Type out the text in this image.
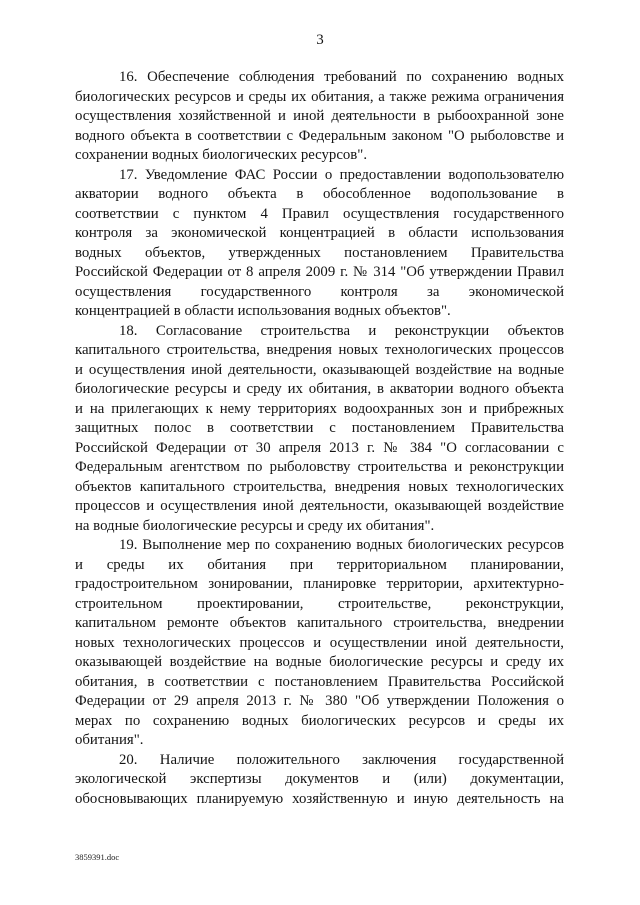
3
16. Обеспечение соблюдения требований по сохранению водных
биологических ресурсов и среды их обитания, а также режима ограничения
осуществления хозяйственной и иной деятельности в рыбоохранной зоне
водного объекта в соответствии с Федеральным законом "О рыболовстве и
сохранении водных биологических ресурсов".
17. Уведомление ФАС России о предоставлении водопользователю
акватории водного объекта в обособленное водопользование в
соответствии с пунктом 4 Правил осуществления государственного
контроля за экономической концентрацией в области использования
водных объектов, утвержденных постановлением Правительства
Российской Федерации от 8 апреля 2009 г. № 314 "Об утверждении Правил
осуществления государственного контроля за экономической
концентрацией в области использования водных объектов".
18. Согласование строительства и реконструкции объектов
капитального строительства, внедрения новых технологических процессов
и осуществления иной деятельности, оказывающей воздействие на водные
биологические ресурсы и среду их обитания, в акватории водного объекта
и на прилегающих к нему территориях водоохранных зон и прибрежных
защитных полос в соответствии с постановлением Правительства
Российской Федерации от 30 апреля 2013 г. № 384 "О согласовании с
Федеральным агентством по рыболовству строительства и реконструкции
объектов капитального строительства, внедрения новых технологических
процессов и осуществления иной деятельности, оказывающей воздействие
на водные биологические ресурсы и среду их обитания".
19. Выполнение мер по сохранению водных биологических ресурсов
и среды их обитания при территориальном планировании,
градостроительном зонировании, планировке территории, архитектурно-
строительном проектировании, строительстве, реконструкции,
капитальном ремонте объектов капитального строительства, внедрении
новых технологических процессов и осуществлении иной деятельности,
оказывающей воздействие на водные биологические ресурсы и среду их
обитания, в соответствии с постановлением Правительства Российской
Федерации от 29 апреля 2013 г. № 380 "Об утверждении Положения о
мерах по сохранению водных биологических ресурсов и среды их
обитания".
20. Наличие положительного заключения государственной
экологической экспертизы документов и (или) документации,
обосновывающих планируемую хозяйственную и иную деятельность на
3859391.doc
